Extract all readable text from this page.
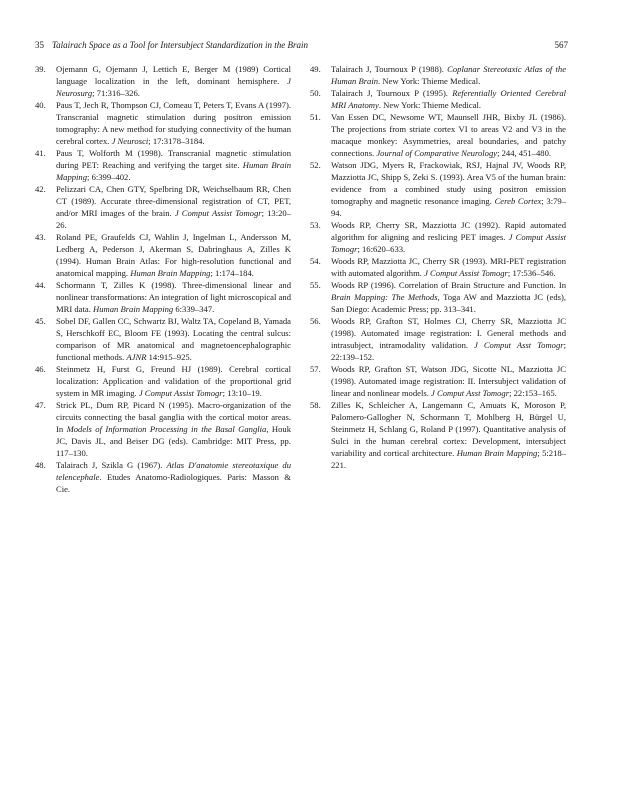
35 Talairach Space as a Tool for Intersubject Standardization in the Brain	567

39. Ojemann G, Ojemann J, Lettich E, Berger M (1989) Cortical language localization in the left, dominant hemisphere. J Neurosurg; 71:316–326.

40. Paus T, Jech R, Thompson CJ, Comeau T, Peters T, Evans A (1997). Transcranial magnetic stimulation during positron emission tomography: A new method for studying connectivity of the human cerebral cortex. J Neurosci; 17:3178–3184.

41. Paus T, Wolforth M (1998). Transcranial magnetic stimulation during PET: Reaching and verifying the target site. Human Brain Mapping; 6:399–402.

42. Pelizzari CA, Chen GTY, Spelbring DR, Weichselbaum RR, Chen CT (1989). Accurate three-dimensional registration of CT, PET, and/or MRI images of the brain. J Comput Assist Tomogr; 13:20–26.

43. Roland PE, Graufelds CJ, Wahlin J, Ingelman L, Andersson M, Ledberg A, Pederson J, Akerman S, Dabringhaus A, Zilles K (1994). Human Brain Atlas: For high-resolution functional and anatomical mapping. Human Brain Mapping; 1:174–184.

44. Schormann T, Zilles K (1998). Three-dimensional linear and nonlinear transformations: An integration of light microscopical and MRI data. Human Brain Mapping 6:339–347.

45. Sobel DF, Gallen CC, Schwartz BJ, Waltz TA, Copeland B, Yamada S, Herschkoff EC, Bloom FE (1993). Locating the central sulcus: comparison of MR anatomical and magnetoencephalographic functional methods. AJNR 14:915–925.

46. Steinmetz H, Furst G, Freund HJ (1989). Cerebral cortical localization: Application and validation of the proportional grid system in MR imaging. J Comput Assist Tomogr; 13:10–19.

47. Strick PL, Dum RP, Picard N (1995). Macro-organization of the circuits connecting the basal ganglia with the cortical motor areas. In Models of Information Processing in the Basal Ganglia, Houk JC, Davis JL, and Beiser DG (eds). Cambridge: MIT Press, pp. 117–130.

48. Talairach J, Szikla G (1967). Atlas D'anatomie stereotaxique du telencephale. Etudes Anatomo-Radiologiques. Paris: Masson & Cie.

49. Talairach J, Tournoux P (1988). Coplanar Stereotaxic Atlas of the Human Brain. New York: Thieme Medical.

50. Talairach J, Tournoux P (1995). Referentially Oriented Cerebral MRI Anatomy. New York: Thieme Medical.

51. Van Essen DC, Newsome WT, Maunsell JHR, Bixby JL (1986). The projections from striate cortex VI to areas V2 and V3 in the macaque monkey: Asymmetries, areal boundaries, and patchy connections. Journal of Comparative Neurology; 244, 451–480.

52. Watson JDG, Myers R, Frackowiak, RSJ, Hajnal JV, Woods RP, Mazziotta JC, Shipp S, Zeki S. (1993). Area V5 of the human brain: evidence from a combined study using positron emission tomography and magnetic resonance imaging. Cereb Cortex; 3:79–94.

53. Woods RP, Cherry SR, Mazziotta JC (1992). Rapid automated algorithm for aligning and reslicing PET images. J Comput Assist Tomogr; 16:620–633.

54. Woods RP, Mazziotta JC, Cherry SR (1993). MRI-PET registration with automated algorithm. J Comput Assist Tomogr; 17:536–546.

55. Woods RP (1996). Correlation of Brain Structure and Function. In Brain Mapping: The Methods, Toga AW and Mazziotta JC (eds), San Diego: Academic Press; pp. 313–341.

56. Woods RP, Grafton ST, Holmes CJ, Cherry SR, Mazziotta JC (1998). Automated image registration: I. General methods and intrasubject, intramodality validation. J Comput Asst Tomogr; 22:139–152.

57. Woods RP, Grafton ST, Watson JDG, Sicotte NL, Mazziotta JC (1998). Automated image registration: II. Intersubject validation of linear and nonlinear models. J Comput Asst Tomogr; 22:153–165.

58. Zilles K, Schleicher A, Langemann C, Amuats K, Moroson P, Palomero-Gallogher N, Schormann T, Mohlberg H, Bürgel U, Steinmetz H, Schlang G, Roland P (1997). Quantitative analysis of Sulci in the human cerebral cortex: Development, intersubject variability and cortical architecture. Human Brain Mapping; 5:218–221.
